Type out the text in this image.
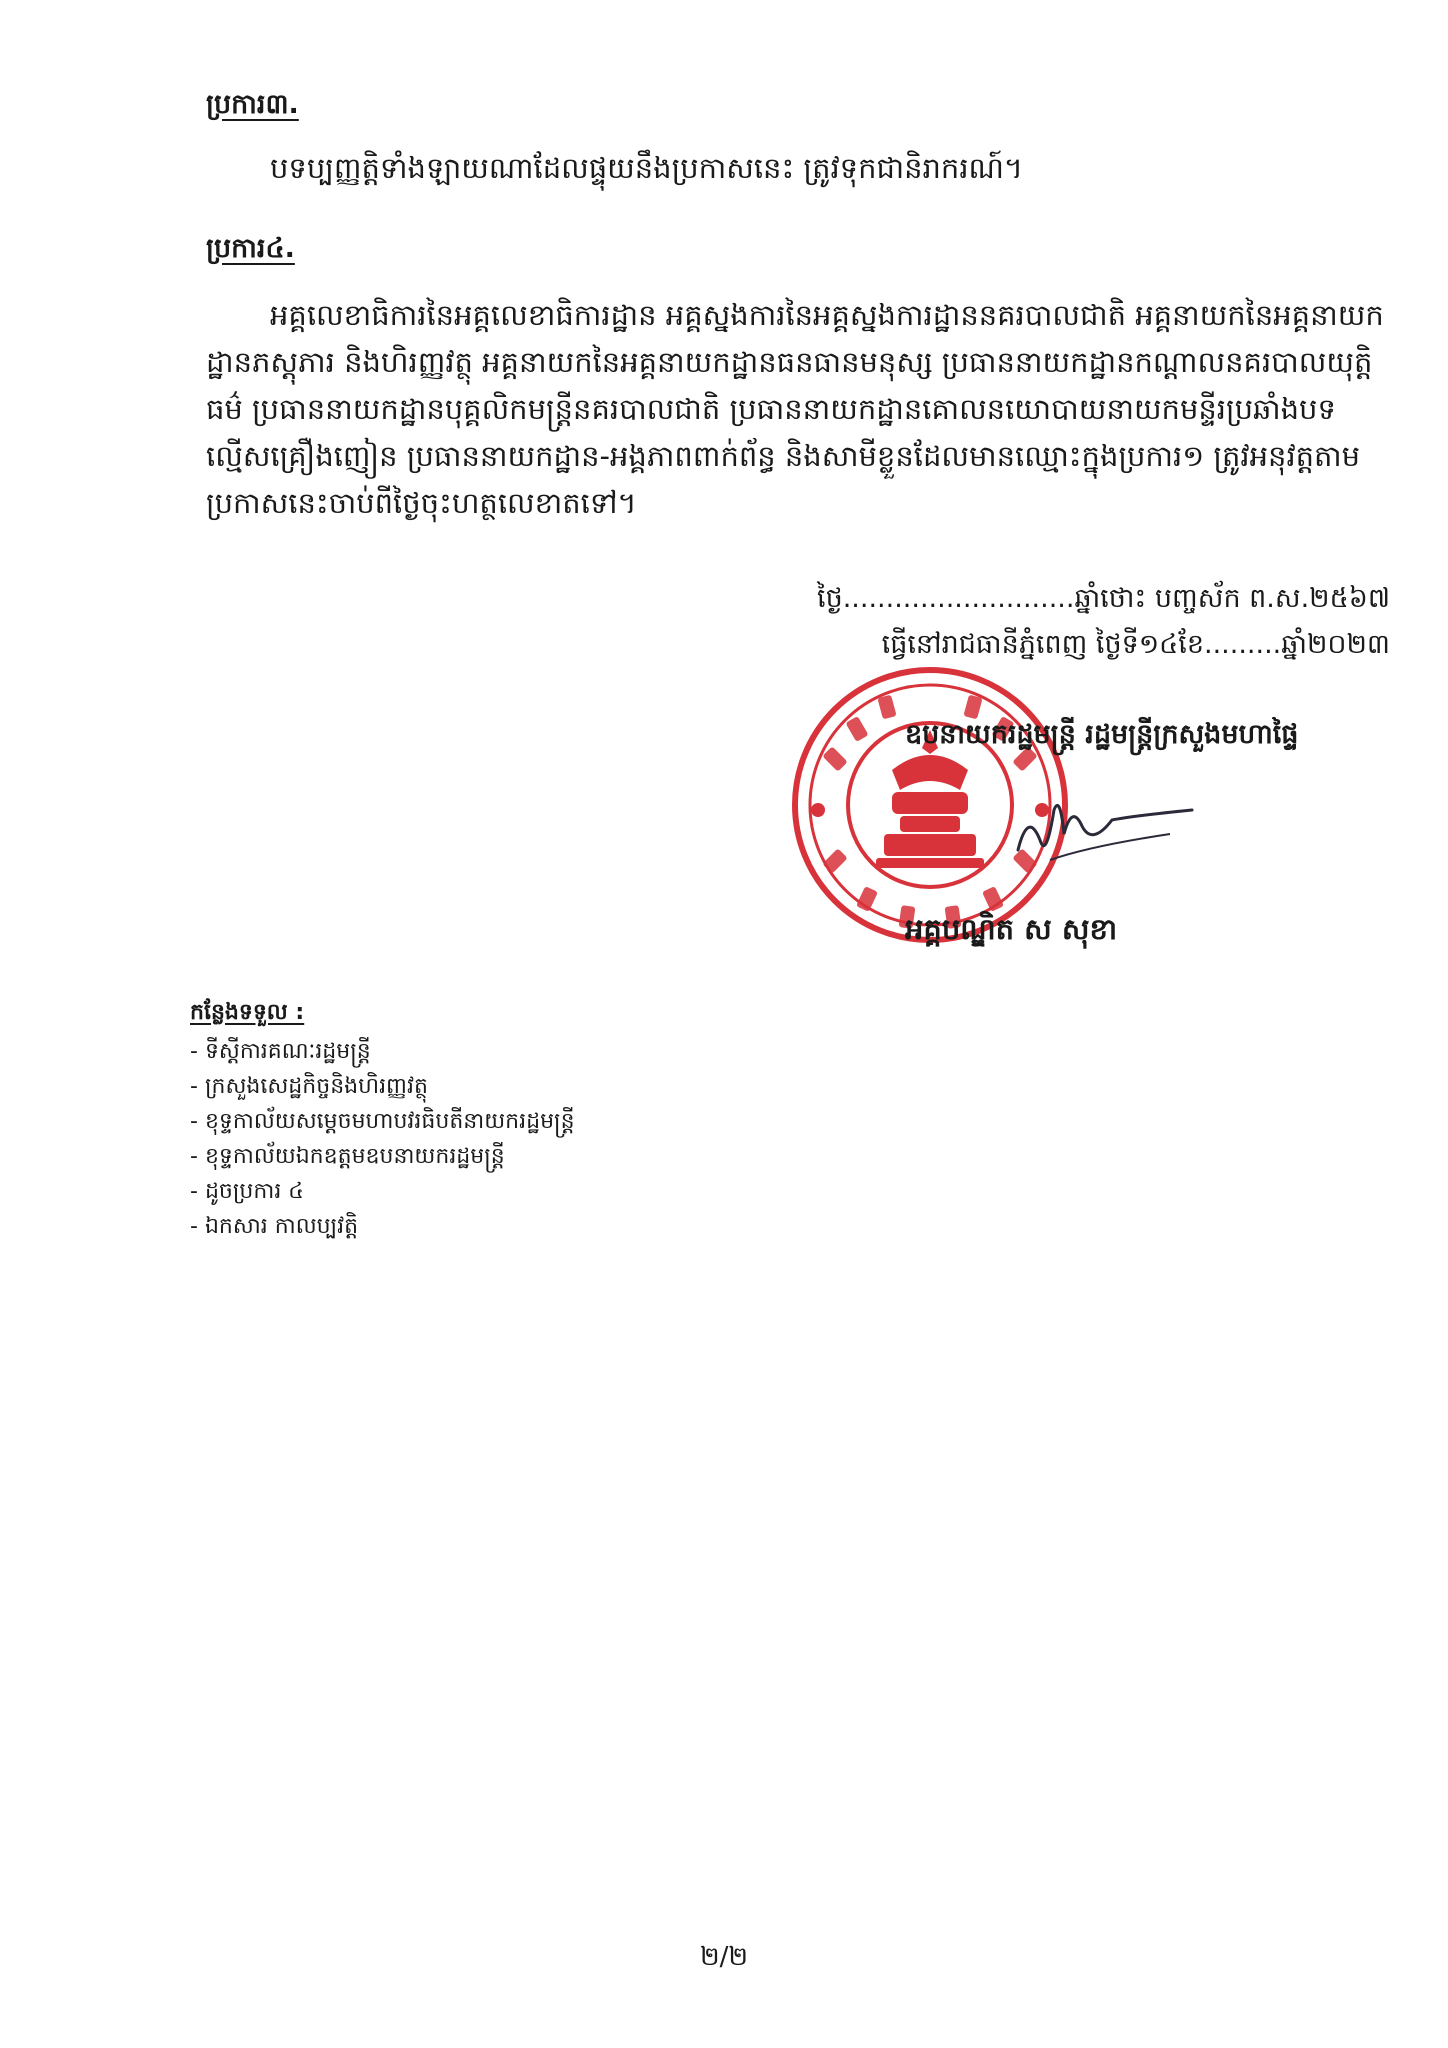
ប្រការ៣.

បទប្បញ្ញត្តិទាំងឡាយណាដែលផ្ទុយនឹងប្រកាសនេះ ត្រូវទុកជានិរាករណ៍។

ប្រការ៤.

អគ្គលេខាធិការនៃអគ្គលេខាធិការដ្ឋាន អគ្គស្នងការនៃអគ្គស្នងការដ្ឋាននគរបាលជាតិ អគ្គនាយកនៃអគ្គនាយកដ្ឋានភស្តុភារ និងហិរញ្ញវត្ថុ អគ្គនាយកនៃអគ្គនាយកដ្ឋានធនធានមនុស្ស ប្រធាននាយកដ្ឋានកណ្ដាលនគរបាលយុត្តិធម៌ ប្រធាននាយកដ្ឋានបុគ្គលិកមន្ត្រីនគរបាលជាតិ ប្រធាននាយកដ្ឋានគោលនយោបាយនាយកមន្ទីរប្រឆាំងបទល្មើសគ្រឿងញៀន ប្រធាននាយកដ្ឋាន-អង្គភាពពាក់ព័ន្ធ និងសាមីខ្លួនដែលមានឈ្មោះក្នុងប្រការ១ ត្រូវអនុវត្តតាមប្រកាសនេះចាប់ពីថ្ងៃចុះហត្ថលេខាតទៅ។

ថ្ងៃ...........................ឆ្នាំថោះ បញ្ចស័ក ព.ស.២៥៦៧
ធ្វើនៅរាជធានីភ្នំពេញ ថ្ងៃទី១៤ខែ.........ឆ្នាំ២០២៣
ឧបនាយករដ្ឋមន្ត្រី រដ្ឋមន្ត្រីក្រសួងមហាផ្ទៃ
អគ្គបណ្ឌិត ស សុខា
កន្លែងទទួល :
- ទីស្តីការគណៈរដ្ឋមន្ត្រី
- ក្រសួងសេដ្ឋកិច្ចនិងហិរញ្ញវត្ថុ
- ខុទ្ទកាល័យសម្តេចមហាបវរធិបតីនាយករដ្ឋមន្ត្រី
- ខុទ្ទកាល័យឯកឧត្តមឧបនាយករដ្ឋមន្ត្រី
- ដូចប្រការ ៤
- ឯកសារ កាលប្បវត្តិ
២/២
